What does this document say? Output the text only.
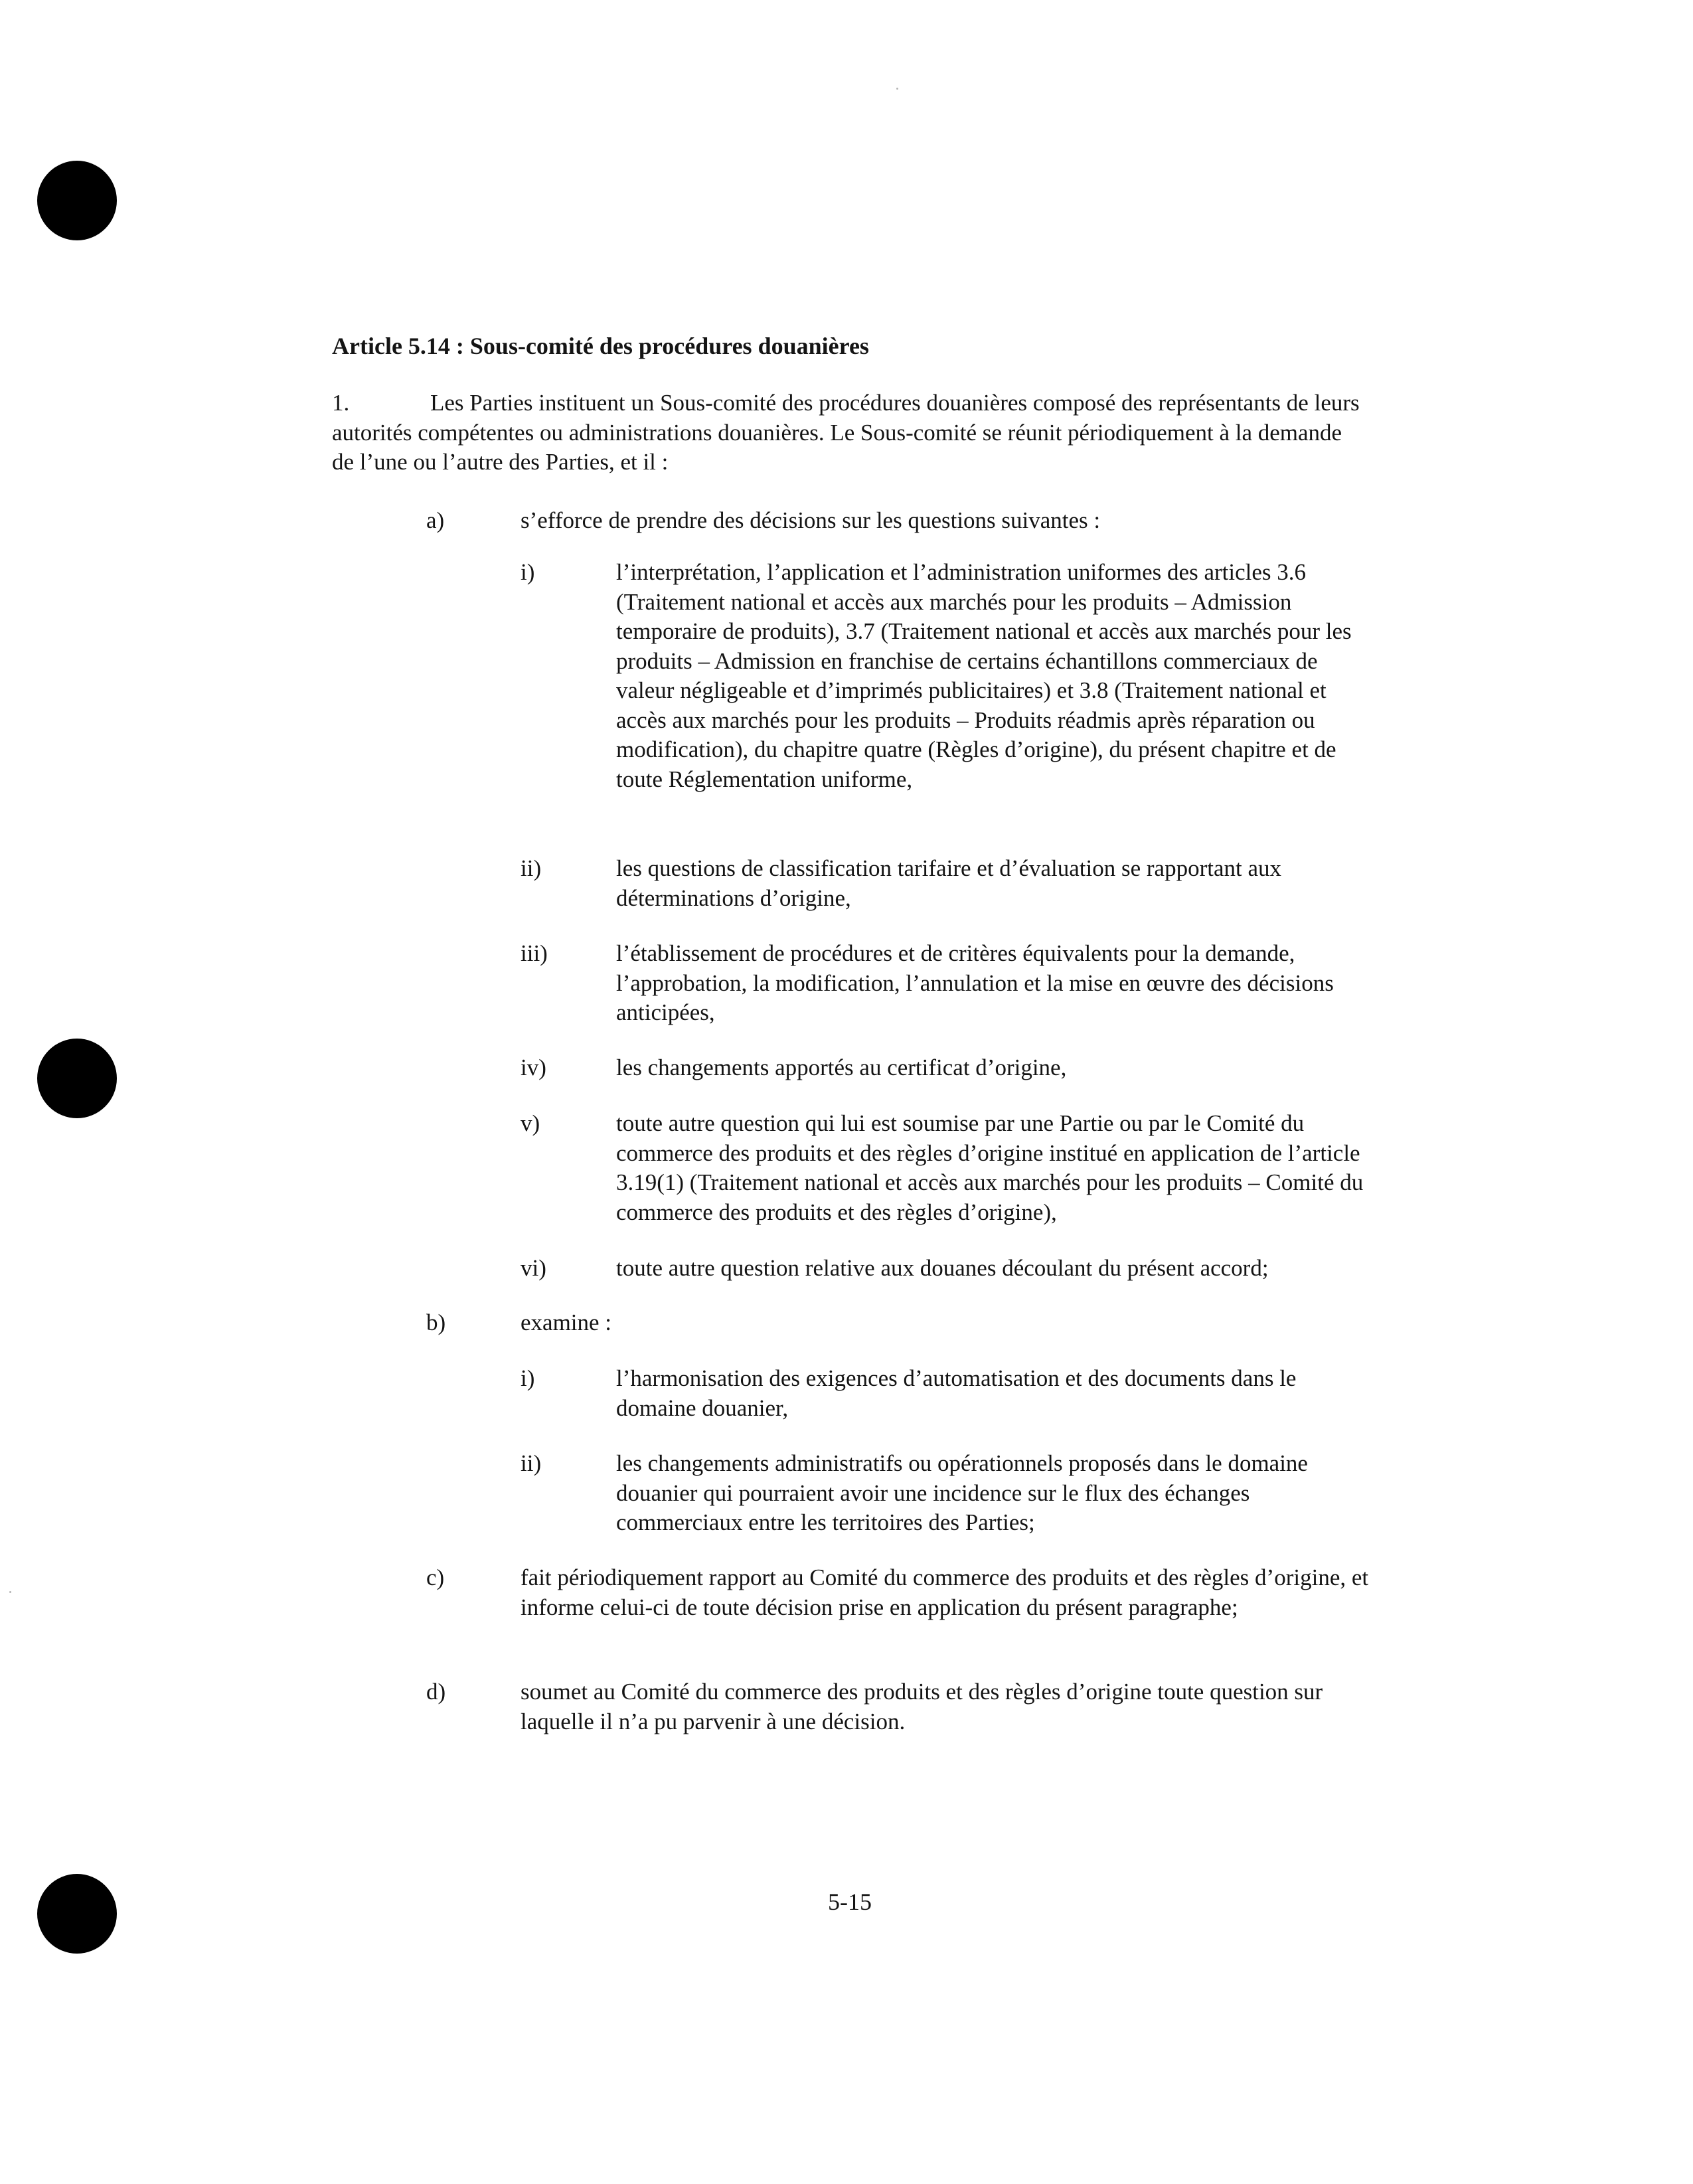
Article 5.14 : Sous-comité des procédures douanières
1.	Les Parties instituent un Sous-comité des procédures douanières composé des représentants de leurs autorités compétentes ou administrations douanières. Le Sous-comité se réunit périodiquement à la demande de l’une ou l’autre des Parties, et il :
a)	s’efforce de prendre des décisions sur les questions suivantes :
i)	l’interprétation, l’application et l’administration uniformes des articles 3.6 (Traitement national et accès aux marchés pour les produits – Admission temporaire de produits), 3.7 (Traitement national et accès aux marchés pour les produits – Admission en franchise de certains échantillons commerciaux de valeur négligeable et d’imprimés publicitaires) et 3.8 (Traitement national et accès aux marchés pour les produits – Produits réadmis après réparation ou modification), du chapitre quatre (Règles d’origine), du présent chapitre et de toute Réglementation uniforme,
ii)	les questions de classification tarifaire et d’évaluation se rapportant aux déterminations d’origine,
iii)	l’établissement de procédures et de critères équivalents pour la demande, l’approbation, la modification, l’annulation et la mise en œuvre des décisions anticipées,
iv)	les changements apportés au certificat d’origine,
v)	toute autre question qui lui est soumise par une Partie ou par le Comité du commerce des produits et des règles d’origine institué en application de l’article 3.19(1) (Traitement national et accès aux marchés pour les produits – Comité du commerce des produits et des règles d’origine),
vi)	toute autre question relative aux douanes découlant du présent accord;
b)	examine :
i)	l’harmonisation des exigences d’automatisation et des documents dans le domaine douanier,
ii)	les changements administratifs ou opérationnels proposés dans le domaine douanier qui pourraient avoir une incidence sur le flux des échanges commerciaux entre les territoires des Parties;
c)	fait périodiquement rapport au Comité du commerce des produits et des règles d’origine, et informe celui-ci de toute décision prise en application du présent paragraphe;
d)	soumet au Comité du commerce des produits et des règles d’origine toute question sur laquelle il n’a pu parvenir à une décision.
5-15
